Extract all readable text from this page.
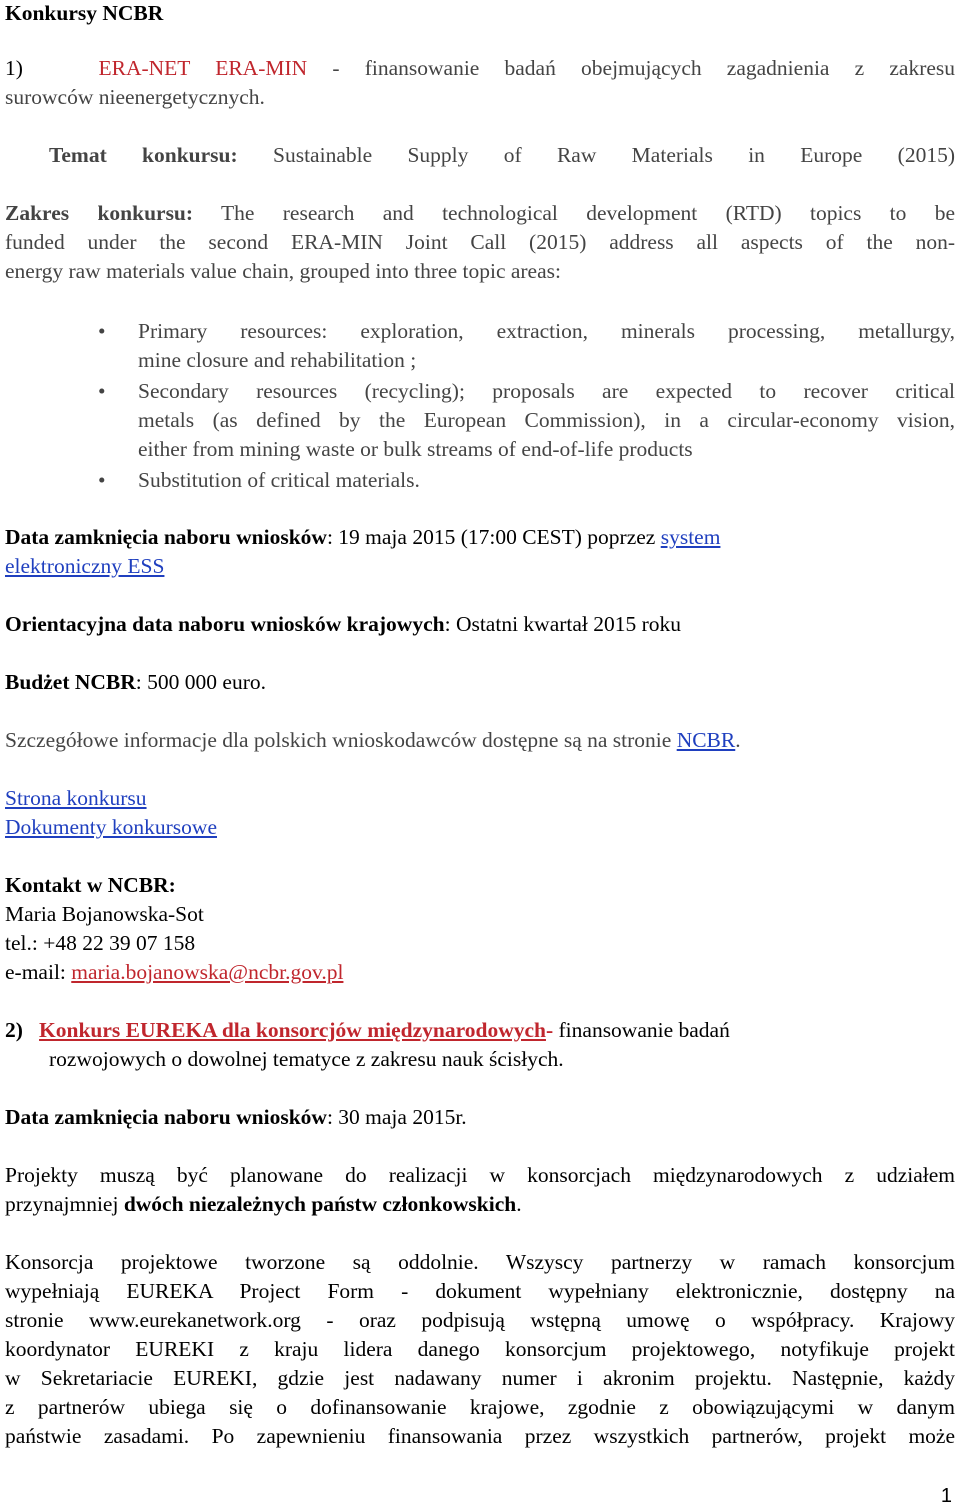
Konkursy NCBR

1)	ERA-NET ERA-MIN - finansowanie badań obejmujących zagadnienia z zakresu

surowców nieenergetycznych.

Temat konkursu: Sustainable Supply of Raw Materials in Europe (2015)

Zakres konkursu: The research and technological development (RTD) topics to be

funded under the second ERA-MIN Joint Call (2015) address all aspects of the non-

energy raw materials value chain, grouped into three topic areas:

• Primary resources: exploration, extraction, minerals processing, metallurgy,
mine closure and rehabilitation ;
• Secondary resources (recycling); proposals are expected to recover critical
metals (as defined by the European Commission), in a circular-economy vision,
either from mining waste or bulk streams of end-of-life products
• Substitution of critical materials.

Data zamknięcia naboru wniosków: 19 maja 2015 (17:00 CEST) poprzez system

elektroniczny ESS

Orientacyjna data naboru wniosków krajowych: Ostatni kwartał 2015 roku

Budżet NCBR: 500 000 euro.

Szczegółowe informacje dla polskich wnioskodawców dostępne są na stronie NCBR.

Strona konkursu

Dokumenty konkursowe

Kontakt w NCBR:

Maria Bojanowska-Sot

tel.: +48 22 39 07 158

e-mail: maria.bojanowska@ncbr.gov.pl

2) Konkurs EUREKA dla konsorcjów międzynarodowych- finansowanie badań

rozwojowych o dowolnej tematyce z zakresu nauk ścisłych.

Data zamknięcia naboru wniosków: 30 maja 2015r.

Projekty muszą być planowane do realizacji w konsorcjach międzynarodowych z udziałem

przynajmniej dwóch niezależnych państw członkowskich.

Konsorcja projektowe tworzone są oddolnie. Wszyscy partnerzy w ramach konsorcjum

wypełniają EUREKA Project Form - dokument wypełniany elektronicznie, dostępny na

stronie www.eurekanetwork.org - oraz podpisują wstępną umowę o współpracy. Krajowy

koordynator EUREKI z kraju lidera danego konsorcjum projektowego, notyfikuje projekt

w Sekretariacie EUREKI, gdzie jest nadawany numer i akronim projektu. Następnie, każdy

z partnerów ubiega się o dofinansowanie krajowe, zgodnie z obowiązującymi w danym

państwie zasadami. Po zapewnieniu finansowania przez wszystkich partnerów, projekt może

1
